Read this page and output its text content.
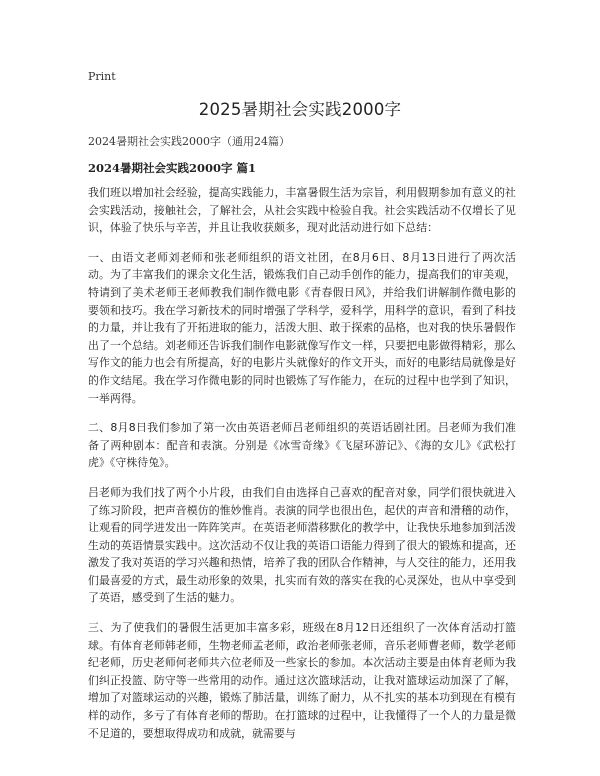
Print
2025暑期社会实践2000字
2024暑期社会实践2000字（通用24篇）
2024暑期社会实践2000字 篇1

我们班以增加社会经验，提高实践能力，丰富暑假生活为宗旨，利用假期参加有意义的社会实践活动，接触社会，了解社会，从社会实践中检验自我。社会实践活动不仅增长了见识，体验了快乐与辛苦，并且让我收获颇多，现对此活动进行如下总结：

一、由语文老师刘老师和张老师组织的语文社团，在8月6日、8月13日进行了两次活动。为了丰富我们的课余文化生活，锻炼我们自己动手创作的能力，提高我们的审美观，特请到了美术老师王老师教我们制作微电影《青春假日风》，并给我们讲解制作微电影的要领和技巧。我在学习新技术的同时增强了学科学，爱科学，用科学的意识，看到了科技的力量，并让我有了开拓进取的能力，活泼大胆、敢于探索的品格，也对我的快乐暑假作出了一个总结。刘老师还告诉我们制作电影就像写作文一样，只要把电影做得精彩，那么写作文的能力也会有所提高，好的电影片头就像好的作文开头，而好的电影结局就像是好的作文结尾。我在学习作微电影的同时也锻炼了写作能力，在玩的过程中也学到了知识，一举两得。

二、8月8日我们参加了第一次由英语老师吕老师组织的英语话剧社团。吕老师为我们准备了两种剧本：配音和表演。分别是《冰雪奇缘》《飞屋环游记》、《海的女儿》《武松打虎》《守株待兔》。

吕老师为我们找了两个小片段，由我们自由选择自己喜欢的配音对象，同学们很快就进入了练习阶段，把声音模仿的惟妙惟肖。表演的同学也很出色，起伏的声音和滑稽的动作，让观看的同学进发出一阵阵笑声。在英语老师潜移默化的教学中，让我快乐地参加到活泼生动的英语情景实践中。这次活动不仅让我的英语口语能力得到了很大的锻炼和提高，还激发了我对英语的学习兴趣和热情，培养了我的团队合作精神，与人交往的能力，还用我们最喜爱的方式，最生动形象的效果，扎实而有效的落实在我的心灵深处，也从中享受到了英语，感受到了生活的魅力。

三、为了使我们的暑假生活更加丰富多彩，班级在8月12日还组织了一次体育活动打篮球。有体育老师韩老师，生物老师孟老师，政治老师张老师，音乐老师曹老师，数学老师纪老师，历史老师何老师共六位老师及一些家长的参加。本次活动主要是由体育老师为我们纠正投篮、防守等一些常用的动作。通过这次篮球活动，让我对篮球运动加深了了解，增加了对篮球运动的兴趣，锻炼了肺活量，训练了耐力，从不扎实的基本功到现在有模有样的动作，多亏了有体育老师的帮助。在打篮球的过程中，让我懂得了一个人的力量是微不足道的，要想取得成功和成就，就需要与
